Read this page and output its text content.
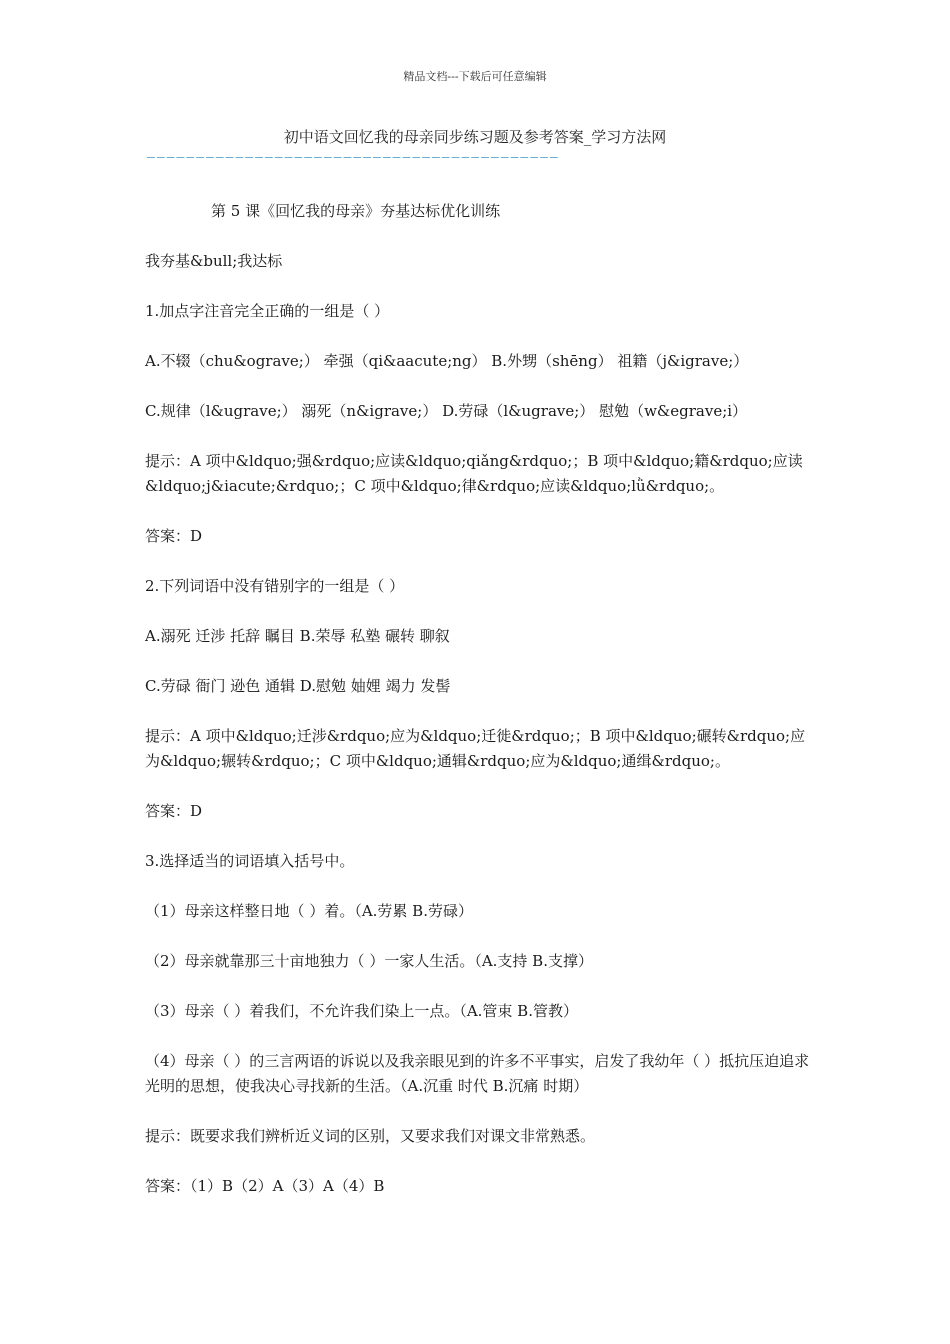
精品文档---下载后可任意编辑
初中语文回忆我的母亲同步练习题及参考答案_学习方法网
——————————————————————————————————————————

第 5 课《回忆我的母亲》夯基达标优化训练

我夯基&bull;我达标

1.加点字注音完全正确的一组是（ ）

A.不辍（chu&ograve;） 牵强（qi&aacute;ng） B.外甥（shēng） 祖籍（j&igrave;）

C.规律（l&ugrave;） 溺死（n&igrave;） D.劳碌（l&ugrave;） 慰勉（w&egrave;i）

提示：A 项中&ldquo;强&rdquo;应读&ldquo;qiǎng&rdquo;；B 项中&ldquo;籍&rdquo;应读&ldquo;j&iacute;&rdquo;；C 项中&ldquo;律&rdquo;应读&ldquo;lǜ&rdquo;。

答案：D

2.下列词语中没有错别字的一组是（ ）

A.溺死 迁涉 托辞 瞩目 B.荣辱 私塾 碾转 聊叙

C.劳碌 衙门 逊色 通辑 D.慰勉 妯娌 竭力 发髻

提示：A 项中&ldquo;迁涉&rdquo;应为&ldquo;迁徙&rdquo;；B 项中&ldquo;碾转&rdquo;应为&ldquo;辗转&rdquo;；C 项中&ldquo;通辑&rdquo;应为&ldquo;通缉&rdquo;。

答案：D

3.选择适当的词语填入括号中。

（1）母亲这样整日地（ ）着。（A.劳累 B.劳碌）

（2）母亲就靠那三十亩地独力（ ）一家人生活。（A.支持 B.支撑）

（3）母亲（ ）着我们，不允许我们染上一点。（A.管束 B.管教）

（4）母亲（ ）的三言两语的诉说以及我亲眼见到的许多不平事实，启发了我幼年（ ）抵抗压迫追求光明的思想，使我决心寻找新的生活。（A.沉重 时代 B.沉痛 时期）

提示：既要求我们辨析近义词的区别，又要求我们对课文非常熟悉。

答案：（1）B（2）A（3）A（4）B
